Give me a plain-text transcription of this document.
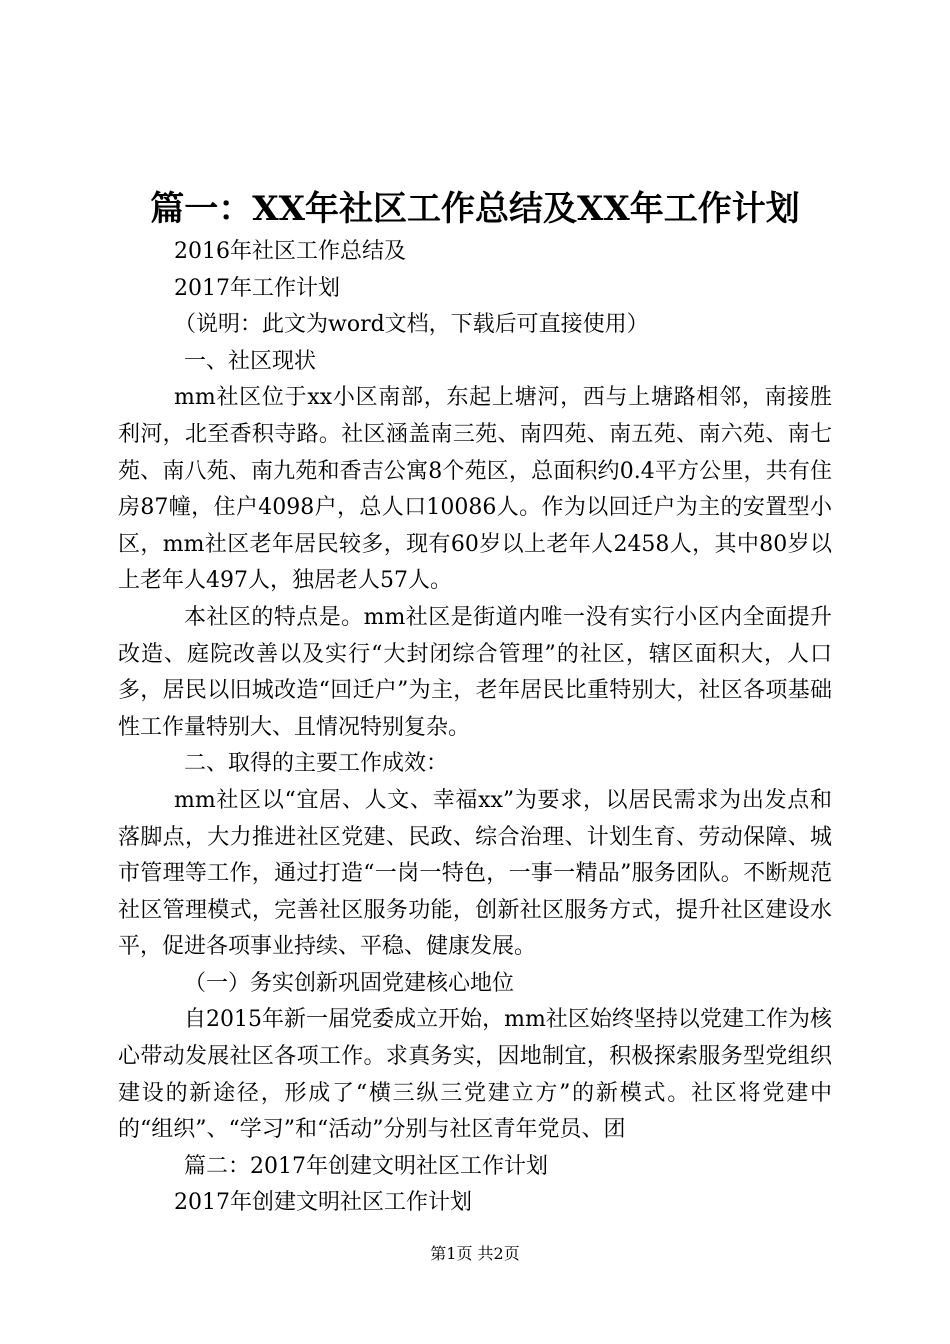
篇一：XX年社区工作总结及XX年工作计划

2016年社区工作总结及

2017年工作计划

（说明：此文为word文档，下载后可直接使用）

一、社区现状

mm社区位于xx小区南部，东起上塘河，西与上塘路相邻，南接胜利河，北至香积寺路。社区涵盖南三苑、南四苑、南五苑、南六苑、南七苑、南八苑、南九苑和香吉公寓8个苑区，总面积约0.4平方公里，共有住房87幢，住户4098户，总人口10086人。作为以回迁户为主的安置型小区，mm社区老年居民较多，现有60岁以上老年人2458人，其中80岁以上老年人497人，独居老人57人。

本社区的特点是。mm社区是街道内唯一没有实行小区内全面提升改造、庭院改善以及实行“大封闭综合管理”的社区，辖区面积大，人口多，居民以旧城改造“回迁户”为主，老年居民比重特别大，社区各项基础性工作量特别大、且情况特别复杂。

二、取得的主要工作成效：

mm社区以“宜居、人文、幸福xx”为要求，以居民需求为出发点和落脚点，大力推进社区党建、民政、综合治理、计划生育、劳动保障、城市管理等工作，通过打造“一岗一特色，一事一精品”服务团队。不断规范社区管理模式，完善社区服务功能，创新社区服务方式，提升社区建设水平，促进各项事业持续、平稳、健康发展。

（一）务实创新巩固党建核心地位

自2015年新一届党委成立开始，mm社区始终坚持以党建工作为核心带动发展社区各项工作。求真务实，因地制宜，积极探索服务型党组织建设的新途径，形成了“横三纵三党建立方”的新模式。社区将党建中的“组织”、“学习”和“活动”分别与社区青年党员、团

篇二：2017年创建文明社区工作计划

2017年创建文明社区工作计划

第1页 共2页
